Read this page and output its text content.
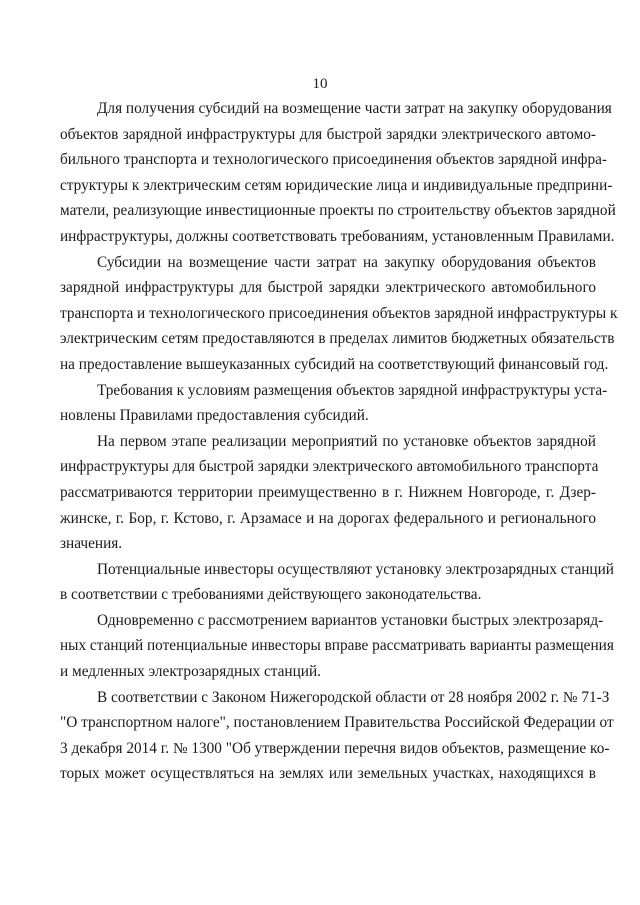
10
Для получения субсидий на возмещение части затрат на закупку оборудования
объектов зарядной инфраструктуры для быстрой зарядки электрического автомо-
бильного транспорта и технологического присоединения объектов зарядной инфра-
структуры к электрическим сетям юридические лица и индивидуальные предприни-
матели, реализующие инвестиционные проекты по строительству объектов зарядной
инфраструктуры, должны соответствовать требованиям, установленным Правилами.
Субсидии на возмещение части затрат на закупку оборудования объектов
зарядной инфраструктуры для быстрой зарядки электрического автомобильного
транспорта и технологического присоединения объектов зарядной инфраструктуры к
электрическим сетям предоставляются в пределах лимитов бюджетных обязательств
на предоставление вышеуказанных субсидий на соответствующий финансовый год.
Требования к условиям размещения объектов зарядной инфраструктуры уста-
новлены Правилами предоставления субсидий.
На первом этапе реализации мероприятий по установке объектов зарядной
инфраструктуры для быстрой зарядки электрического автомобильного транспорта
рассматриваются территории преимущественно в г. Нижнем Новгороде, г. Дзер-
жинске, г. Бор, г. Кстово, г. Арзамасе и на дорогах федерального и регионального
значения.
Потенциальные инвесторы осуществляют установку электрозарядных станций
в соответствии с требованиями действующего законодательства.
Одновременно с рассмотрением вариантов установки быстрых электрозаряд-
ных станций потенциальные инвесторы вправе рассматривать варианты размещения
и медленных электрозарядных станций.
В соответствии с Законом Нижегородской области от 28 ноября 2002 г. № 71-З
"О транспортном налоге", постановлением Правительства Российской Федерации от
3 декабря 2014 г. № 1300 "Об утверждении перечня видов объектов, размещение ко-
торых может осуществляться на землях или земельных участках, находящихся в
